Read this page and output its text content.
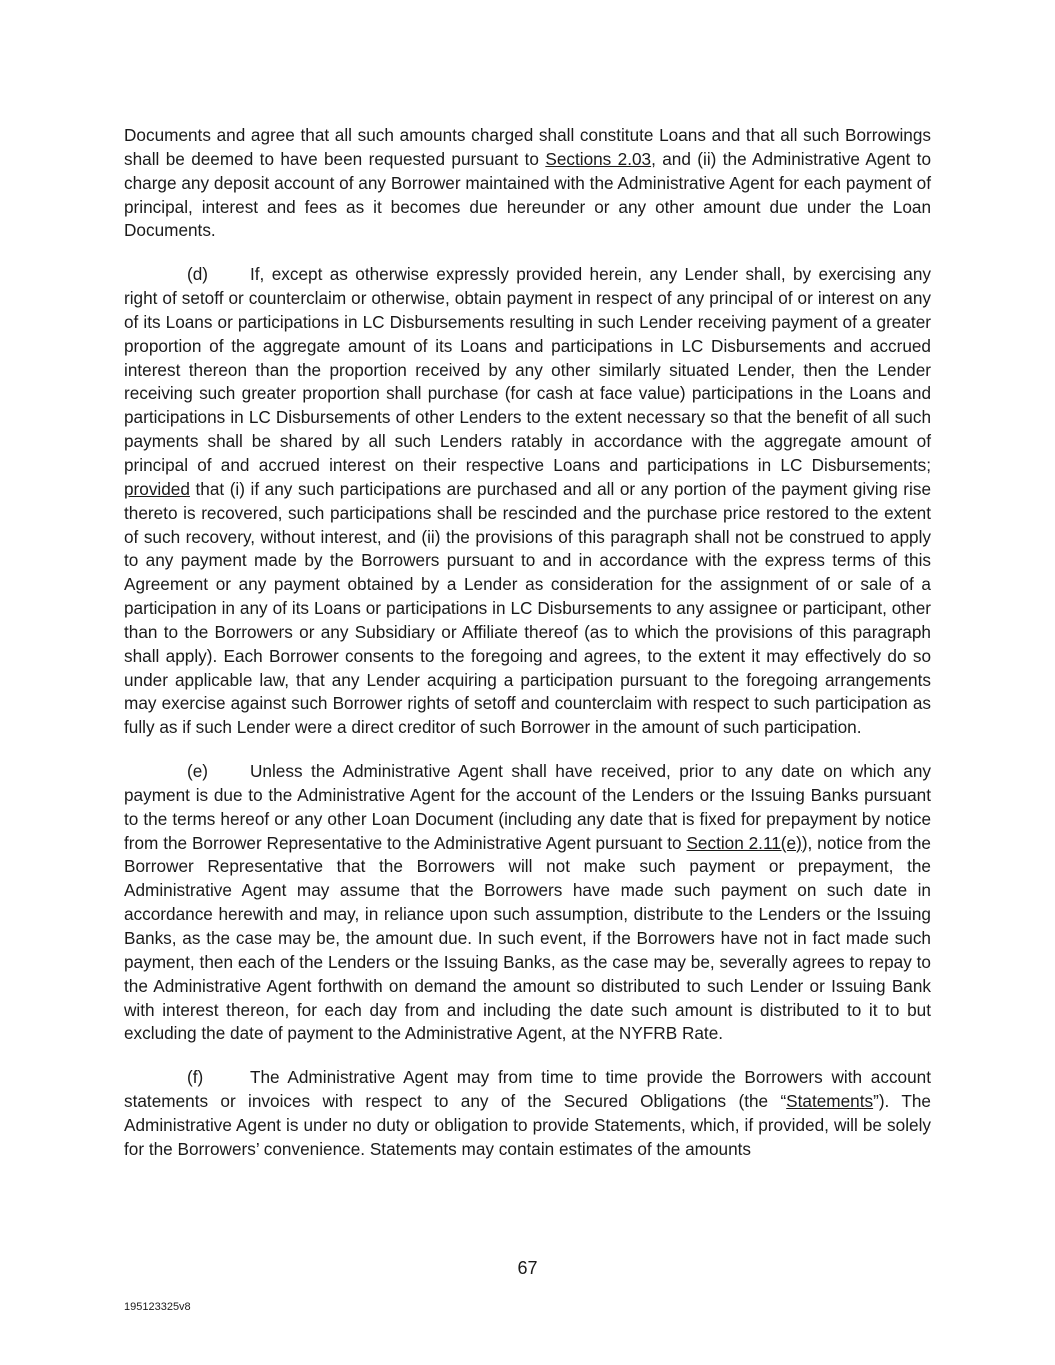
Documents and agree that all such amounts charged shall constitute Loans and that all such Borrowings shall be deemed to have been requested pursuant to Sections 2.03, and (ii) the Administrative Agent to charge any deposit account of any Borrower maintained with the Administrative Agent for each payment of principal, interest and fees as it becomes due hereunder or any other amount due under the Loan Documents.

(d) If, except as otherwise expressly provided herein, any Lender shall, by exercising any right of setoff or counterclaim or otherwise, obtain payment in respect of any principal of or interest on any of its Loans or participations in LC Disbursements resulting in such Lender receiving payment of a greater proportion of the aggregate amount of its Loans and participations in LC Disbursements and accrued interest thereon than the proportion received by any other similarly situated Lender, then the Lender receiving such greater proportion shall purchase (for cash at face value) participations in the Loans and participations in LC Disbursements of other Lenders to the extent necessary so that the benefit of all such payments shall be shared by all such Lenders ratably in accordance with the aggregate amount of principal of and accrued interest on their respective Loans and participations in LC Disbursements; provided that (i) if any such participations are purchased and all or any portion of the payment giving rise thereto is recovered, such participations shall be rescinded and the purchase price restored to the extent of such recovery, without interest, and (ii) the provisions of this paragraph shall not be construed to apply to any payment made by the Borrowers pursuant to and in accordance with the express terms of this Agreement or any payment obtained by a Lender as consideration for the assignment of or sale of a participation in any of its Loans or participations in LC Disbursements to any assignee or participant, other than to the Borrowers or any Subsidiary or Affiliate thereof (as to which the provisions of this paragraph shall apply). Each Borrower consents to the foregoing and agrees, to the extent it may effectively do so under applicable law, that any Lender acquiring a participation pursuant to the foregoing arrangements may exercise against such Borrower rights of setoff and counterclaim with respect to such participation as fully as if such Lender were a direct creditor of such Borrower in the amount of such participation.

(e) Unless the Administrative Agent shall have received, prior to any date on which any payment is due to the Administrative Agent for the account of the Lenders or the Issuing Banks pursuant to the terms hereof or any other Loan Document (including any date that is fixed for prepayment by notice from the Borrower Representative to the Administrative Agent pursuant to Section 2.11(e)), notice from the Borrower Representative that the Borrowers will not make such payment or prepayment, the Administrative Agent may assume that the Borrowers have made such payment on such date in accordance herewith and may, in reliance upon such assumption, distribute to the Lenders or the Issuing Banks, as the case may be, the amount due. In such event, if the Borrowers have not in fact made such payment, then each of the Lenders or the Issuing Banks, as the case may be, severally agrees to repay to the Administrative Agent forthwith on demand the amount so distributed to such Lender or Issuing Bank with interest thereon, for each day from and including the date such amount is distributed to it to but excluding the date of payment to the Administrative Agent, at the NYFRB Rate.

(f)	The Administrative Agent may from time to time provide the Borrowers with account statements or invoices with respect to any of the Secured Obligations (the “Statements”). The Administrative Agent is under no duty or obligation to provide Statements, which, if provided, will be solely for the Borrowers’ convenience. Statements may contain estimates of the amounts

67
195123325v8
